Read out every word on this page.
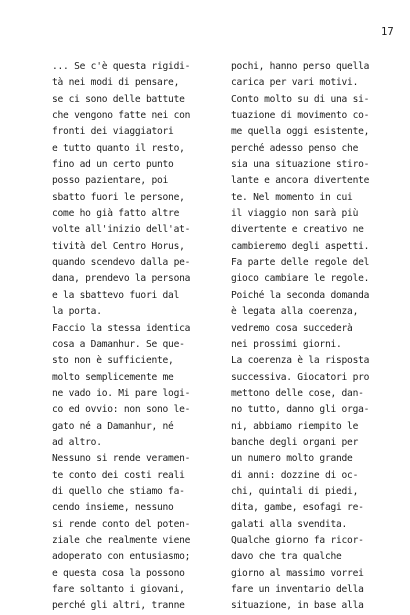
17
... Se c'è questa rigidi-
tà nei modi di pensare,
se ci sono delle battute
che vengono fatte nei con
fronti dei viaggiatori
e tutto quanto il resto,
fino ad un certo punto
posso pazientare, poi
sbatto fuori le persone,
come ho già fatto altre
volte all'inizio dell'at-
tività del Centro Horus,
quando scendevo dalla pe-
dana, prendevo la persona
e la sbattevo fuori dal
la porta.
Faccio la stessa identica
cosa a Damanhur. Se que-
sto non è sufficiente,
molto semplicemente me
ne vado io. Mi pare logi-
co ed ovvio: non sono le-
gato né a Damanhur, né
ad altro.
Nessuno si rende veramen-
te conto dei costi reali
di quello che stiamo fa-
cendo insieme, nessuno
si rende conto del poten-
ziale che realmente viene
adoperato con entusiasmo;
e questa cosa la possono
fare soltanto i giovani,
perché gli altri, tranne
pochi, hanno perso quella
carica per vari motivi.
Conto molto su di una si-
tuazione di movimento co-
me quella oggi esistente,
perché adesso penso che
sia una situazione stiro-
lante e ancora divertente
te. Nel momento in cui
il viaggio non sarà più
divertente e creativo ne
cambieremo degli aspetti.
Fa parte delle regole del
gioco cambiare le regole.
Poiché la seconda domanda
è legata alla coerenza,
vedremo cosa succederà
nei prossimi giorni.
La coerenza è la risposta
successiva. Giocatori pro
mettono delle cose, dan-
no tutto, danno gli orga-
ni, abbiamo riempito le
banche degli organi per
un numero molto grande
di anni: dozzine di oc-
chi, quintali di piedi,
dita, gambe, esofagi re-
galati alla svendita.
Qualche giorno fa ricor-
davo che tra qualche
giorno al massimo vorrei
fare un inventario della
situazione, in base alla
